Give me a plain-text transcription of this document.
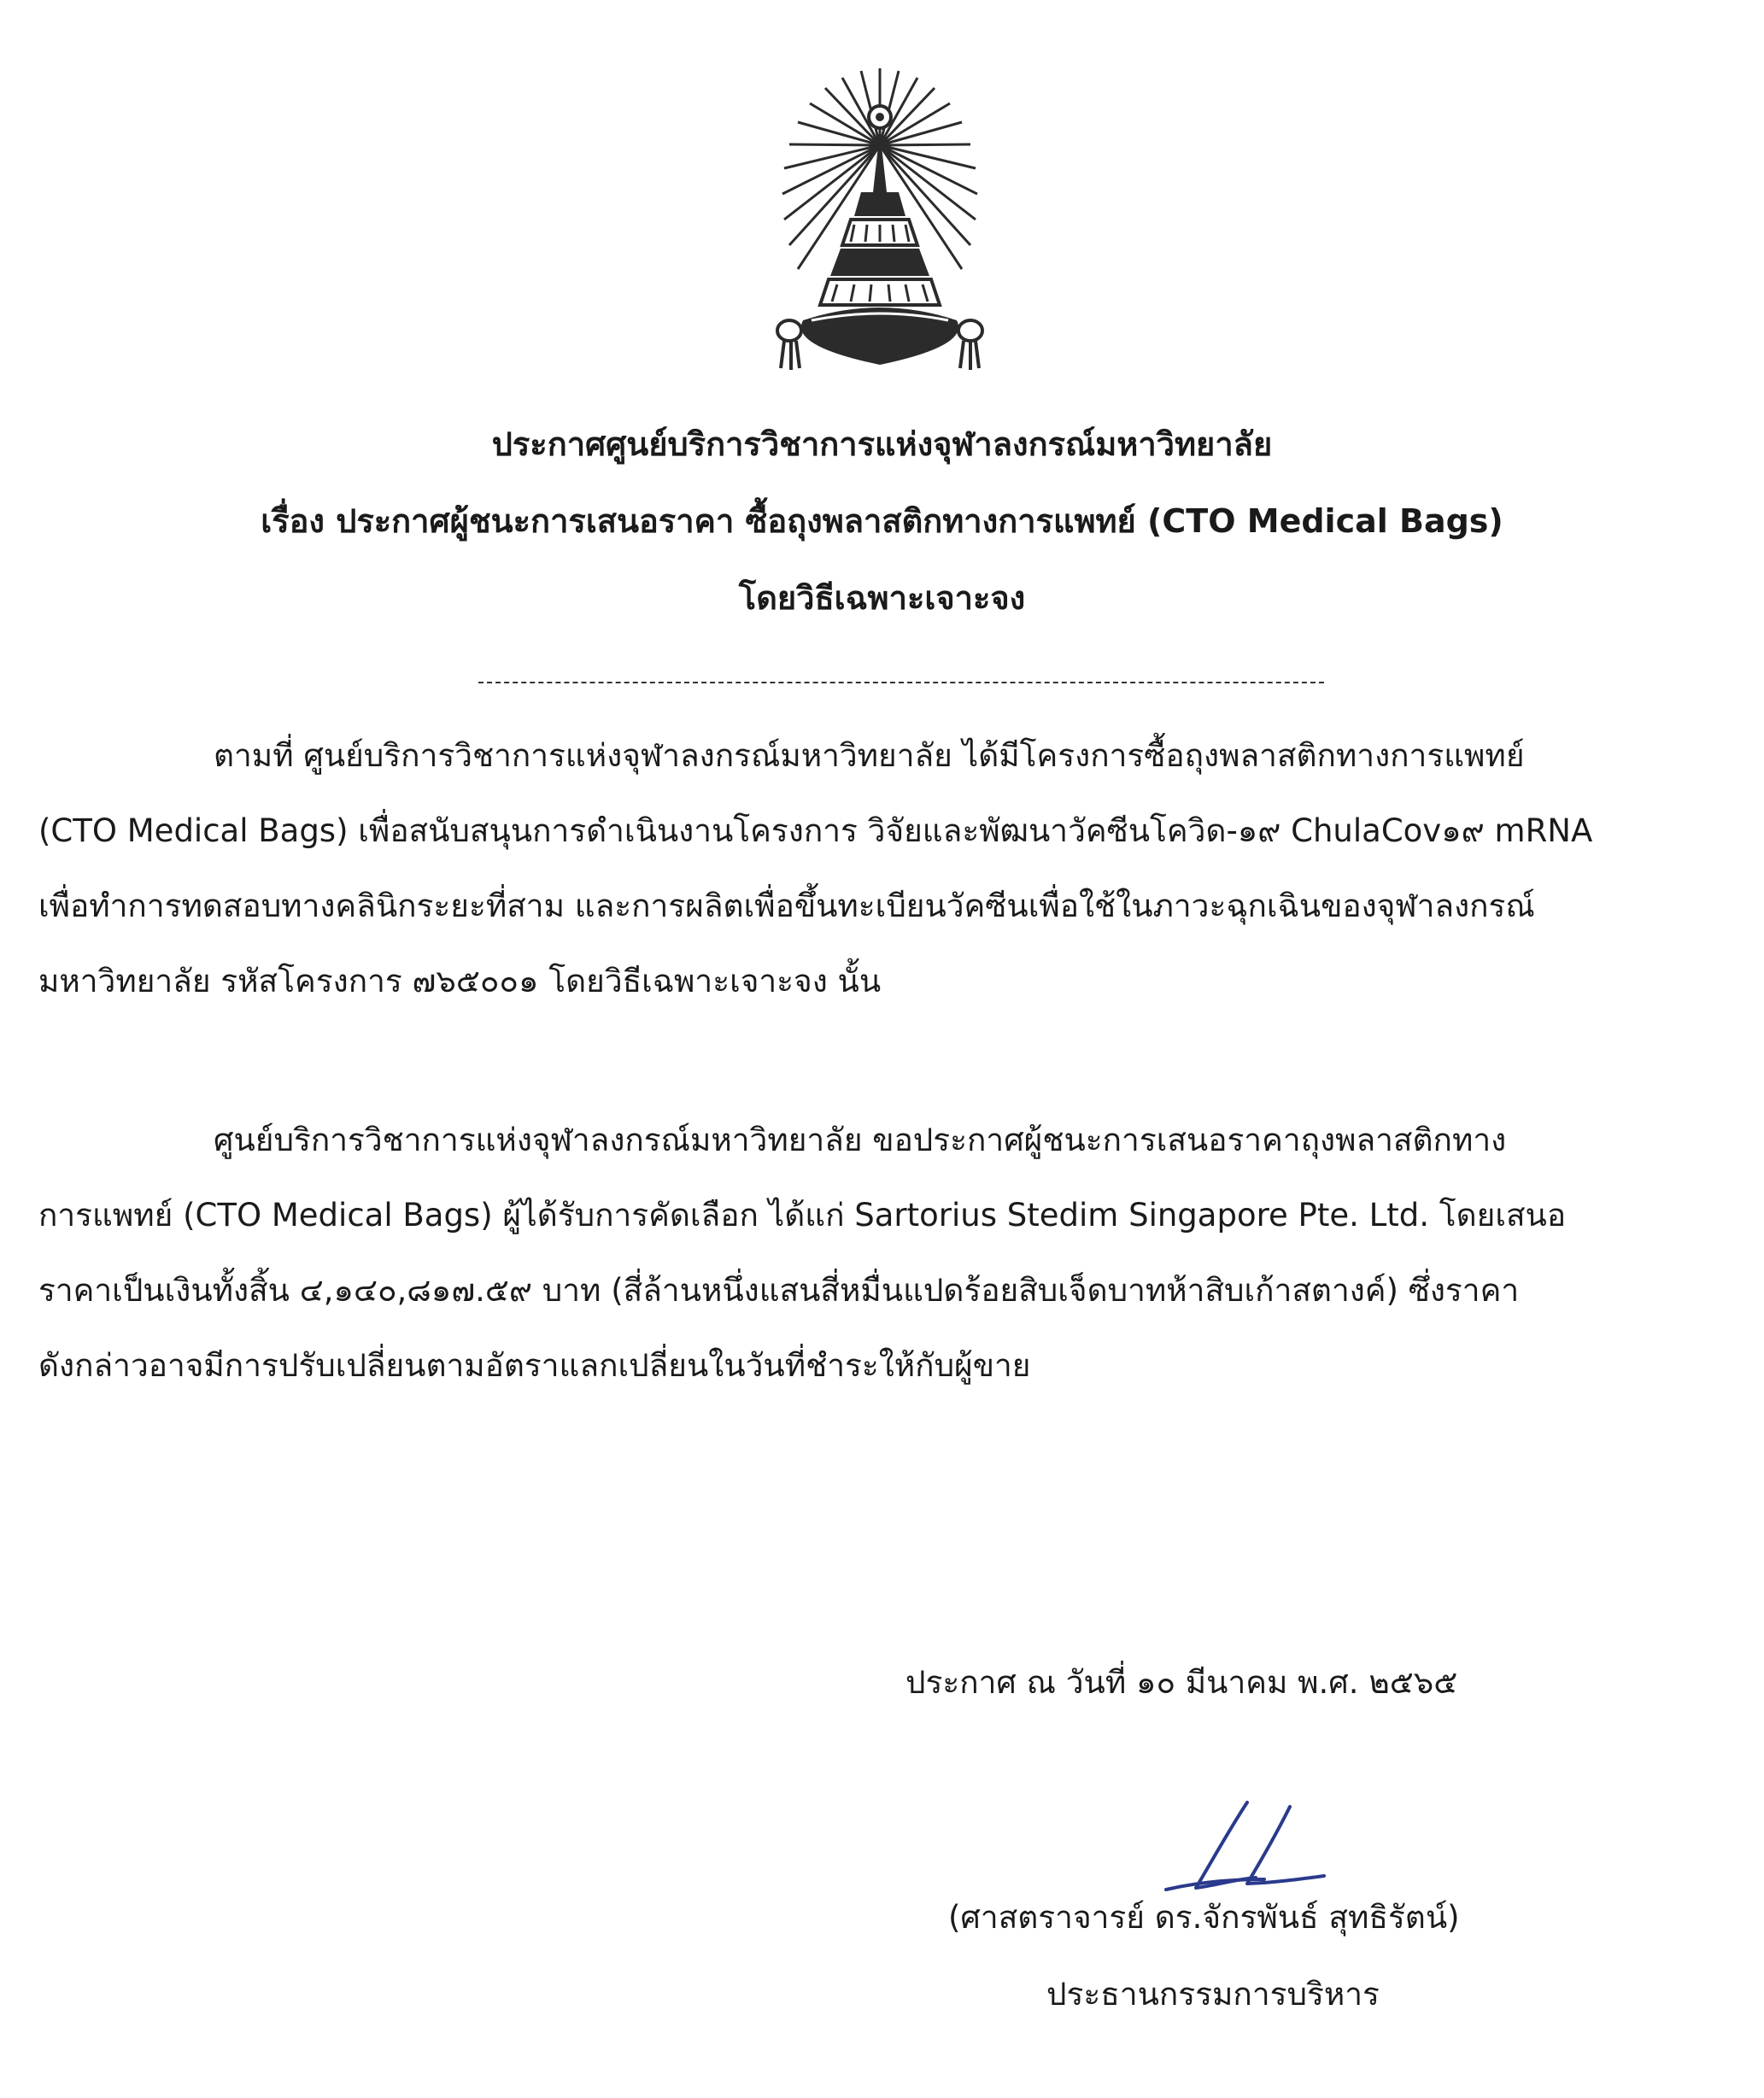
ประกาศศูนย์บริการวิชาการแห่งจุฬาลงกรณ์มหาวิทยาลัย
เรื่อง ประกาศผู้ชนะการเสนอราคา ซื้อถุงพลาสติกทางการแพทย์ (CTO Medical Bags)
โดยวิธีเฉพาะเจาะจง
ตามที่ ศูนย์บริการวิชาการแห่งจุฬาลงกรณ์มหาวิทยาลัย ได้มีโครงการซื้อถุงพลาสติกทางการแพทย์
(CTO Medical Bags) เพื่อสนับสนุนการดำเนินงานโครงการ วิจัยและพัฒนาวัคซีนโควิด-๑๙ ChulaCov๑๙ mRNA
เพื่อทำการทดสอบทางคลินิกระยะที่สาม และการผลิตเพื่อขึ้นทะเบียนวัคซีนเพื่อใช้ในภาวะฉุกเฉินของจุฬาลงกรณ์
มหาวิทยาลัย รหัสโครงการ ๗๖๕๐๐๑ โดยวิธีเฉพาะเจาะจง นั้น
ศูนย์บริการวิชาการแห่งจุฬาลงกรณ์มหาวิทยาลัย ขอประกาศผู้ชนะการเสนอราคาถุงพลาสติกทาง
การแพทย์ (CTO Medical Bags) ผู้ได้รับการคัดเลือก ได้แก่ Sartorius Stedim Singapore Pte. Ltd. โดยเสนอ
ราคาเป็นเงินทั้งสิ้น ๔,๑๔๐,๘๑๗.๕๙ บาท (สี่ล้านหนึ่งแสนสี่หมื่นแปดร้อยสิบเจ็ดบาทห้าสิบเก้าสตางค์) ซึ่งราคา
ดังกล่าวอาจมีการปรับเปลี่ยนตามอัตราแลกเปลี่ยนในวันที่ชำระให้กับผู้ขาย
ประกาศ ณ วันที่ ๑๐ มีนาคม พ.ศ. ๒๕๖๕
(ศาสตราจารย์ ดร.จักรพันธ์ สุทธิรัตน์)
ประธานกรรมการบริหาร
